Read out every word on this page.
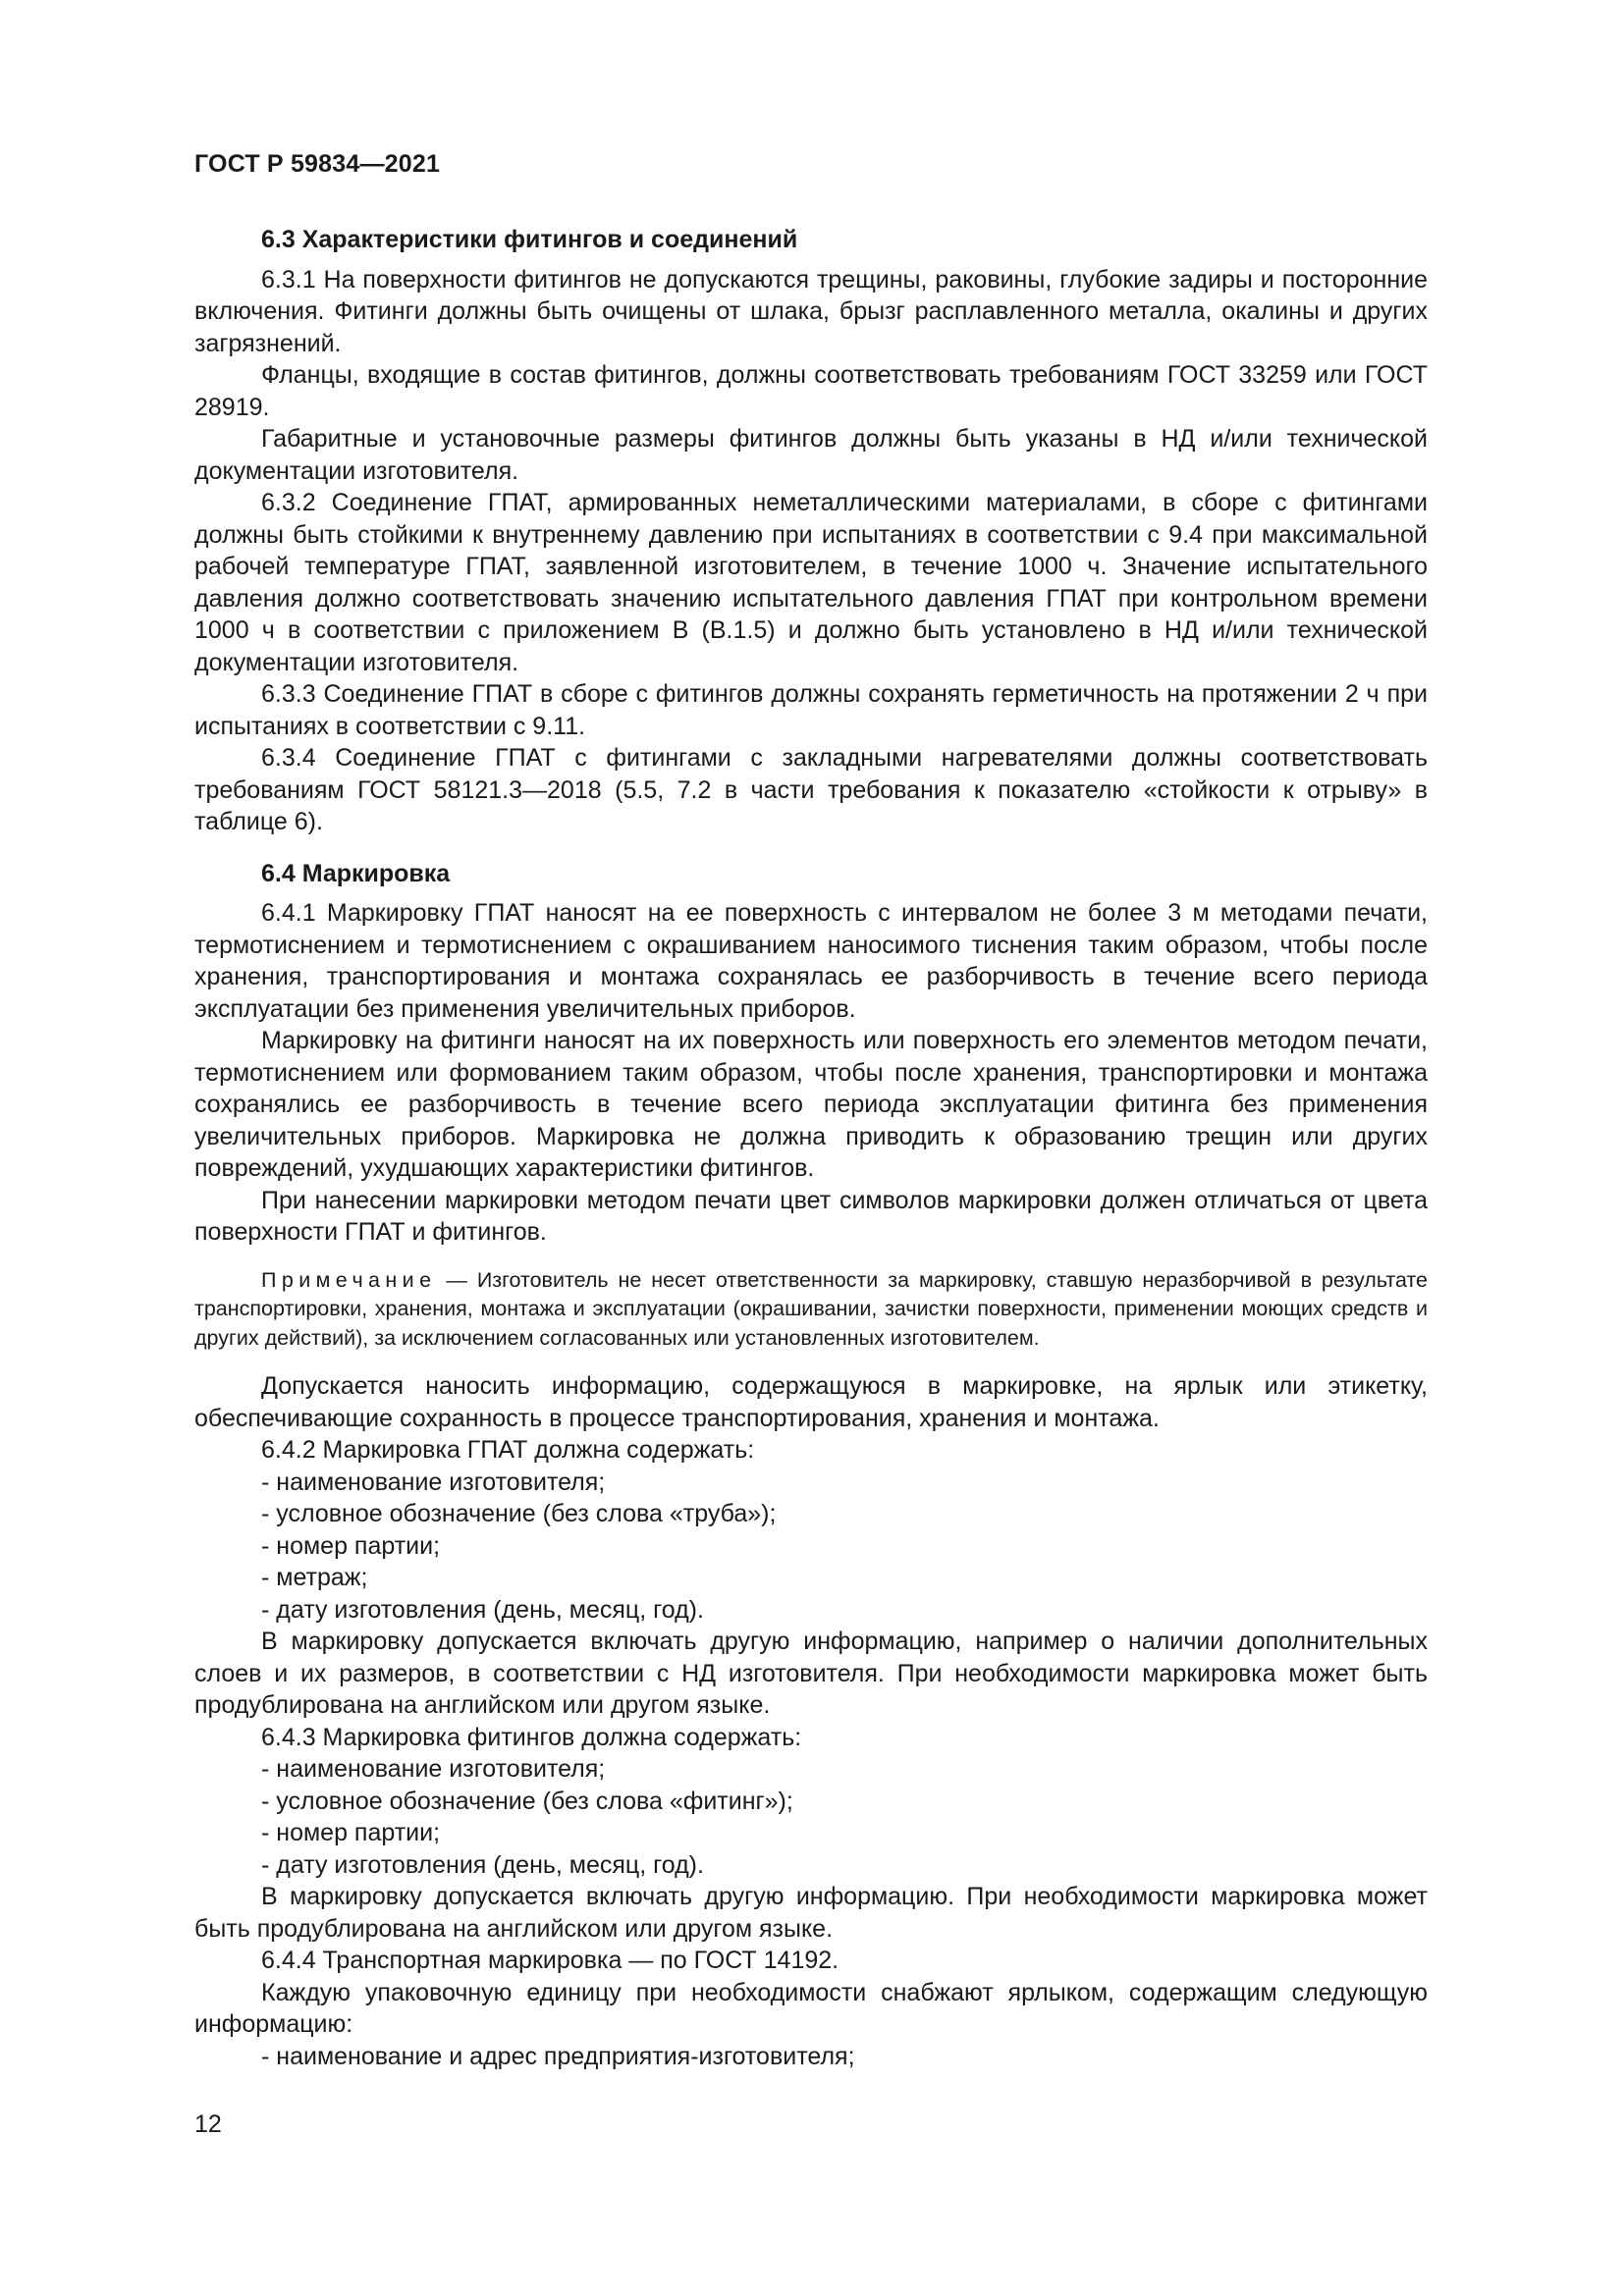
ГОСТ Р 59834—2021
6.3 Характеристики фитингов и соединений

6.3.1 На поверхности фитингов не допускаются трещины, раковины, глубокие задиры и посторонние включения. Фитинги должны быть очищены от шлака, брызг расплавленного металла, окалины и других загрязнений.

Фланцы, входящие в состав фитингов, должны соответствовать требованиям ГОСТ 33259 или ГОСТ 28919.

Габаритные и установочные размеры фитингов должны быть указаны в НД и/или технической документации изготовителя.

6.3.2 Соединение ГПАТ, армированных неметаллическими материалами, в сборе с фитингами должны быть стойкими к внутреннему давлению при испытаниях в соответствии с 9.4 при максимальной рабочей температуре ГПАТ, заявленной изготовителем, в течение 1000 ч. Значение испытательного давления должно соответствовать значению испытательного давления ГПАТ при контрольном времени 1000 ч в соответствии с приложением В (В.1.5) и должно быть установлено в НД и/или технической документации изготовителя.

6.3.3 Соединение ГПАТ в сборе с фитингов должны сохранять герметичность на протяжении 2 ч при испытаниях в соответствии с 9.11.

6.3.4 Соединение ГПАТ с фитингами с закладными нагревателями должны соответствовать требованиям ГОСТ 58121.3—2018 (5.5, 7.2 в части требования к показателю «стойкости к отрыву» в таблице 6).

6.4 Маркировка

6.4.1 Маркировку ГПАТ наносят на ее поверхность с интервалом не более 3 м методами печати, термотиснением и термотиснением с окрашиванием наносимого тиснения таким образом, чтобы после хранения, транспортирования и монтажа сохранялась ее разборчивость в течение всего периода эксплуатации без применения увеличительных приборов.

Маркировку на фитинги наносят на их поверхность или поверхность его элементов методом печати, термотиснением или формованием таким образом, чтобы после хранения, транспортировки и монтажа сохранялись ее разборчивость в течение всего периода эксплуатации фитинга без применения увеличительных приборов. Маркировка не должна приводить к образованию трещин или других повреждений, ухудшающих характеристики фитингов.

При нанесении маркировки методом печати цвет символов маркировки должен отличаться от цвета поверхности ГПАТ и фитингов.

Примечание — Изготовитель не несет ответственности за маркировку, ставшую неразборчивой в результате транспортировки, хранения, монтажа и эксплуатации (окрашивании, зачистки поверхности, применении моющих средств и других действий), за исключением согласованных или установленных изготовителем.

Допускается наносить информацию, содержащуюся в маркировке, на ярлык или этикетку, обеспечивающие сохранность в процессе транспортирования, хранения и монтажа.

6.4.2 Маркировка ГПАТ должна содержать:

- наименование изготовителя;

- условное обозначение (без слова «труба»);

- номер партии;

- метраж;

- дату изготовления (день, месяц, год).

В маркировку допускается включать другую информацию, например о наличии дополнительных слоев и их размеров, в соответствии с НД изготовителя. При необходимости маркировка может быть продублирована на английском или другом языке.

6.4.3 Маркировка фитингов должна содержать:

- наименование изготовителя;

- условное обозначение (без слова «фитинг»);

- номер партии;

- дату изготовления (день, месяц, год).

В маркировку допускается включать другую информацию. При необходимости маркировка может быть продублирована на английском или другом языке.

6.4.4 Транспортная маркировка — по ГОСТ 14192.

Каждую упаковочную единицу при необходимости снабжают ярлыком, содержащим следующую информацию:

- наименование и адрес предприятия-изготовителя;

12
